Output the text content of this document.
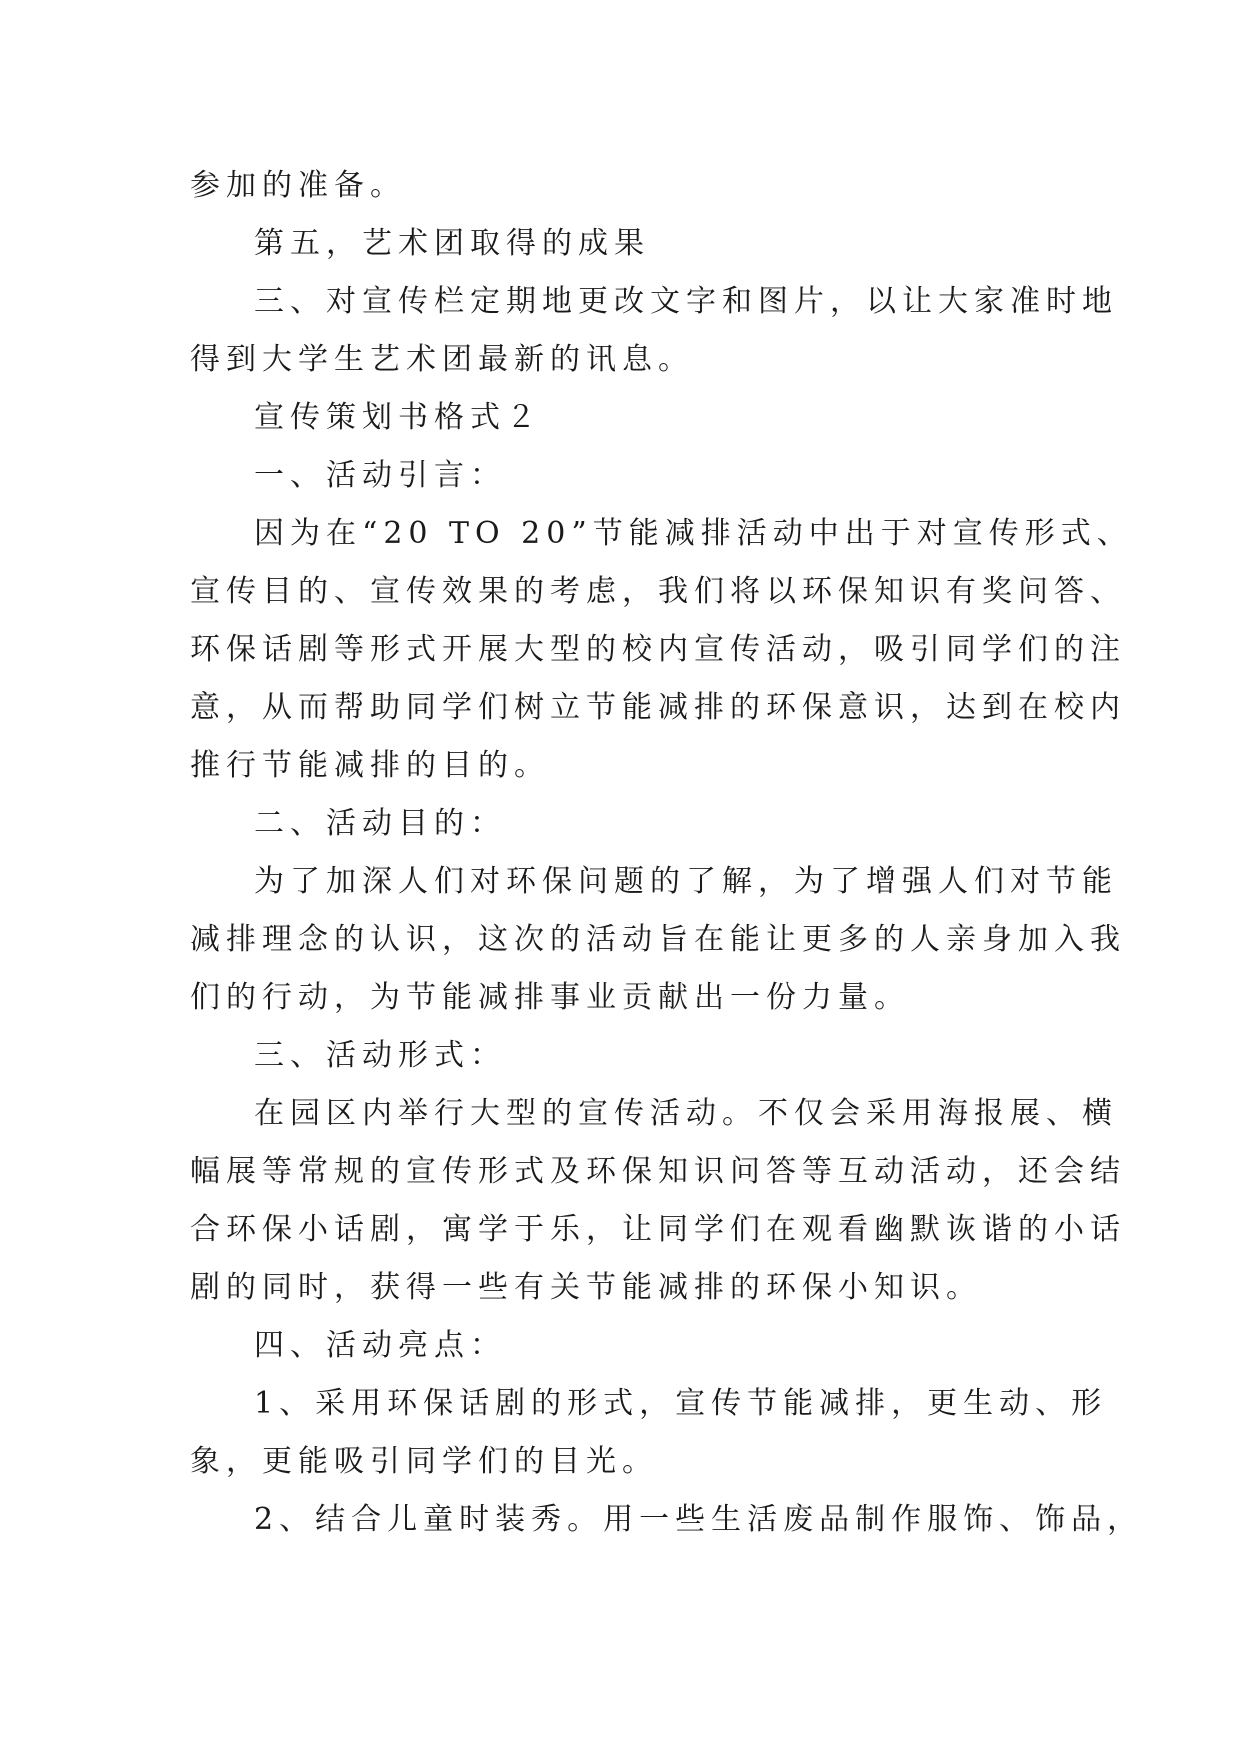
参加的准备。

第五，艺术团取得的成果

三、对宣传栏定期地更改文字和图片，以让大家准时地

得到大学生艺术团最新的讯息。

宣传策划书格式２

一、活动引言：

因为在“20 TO 20”节能减排活动中出于对宣传形式、

宣传目的、宣传效果的考虑，我们将以环保知识有奖问答、

环保话剧等形式开展大型的校内宣传活动，吸引同学们的注

意，从而帮助同学们树立节能减排的环保意识，达到在校内

推行节能减排的目的。

二、活动目的：

为了加深人们对环保问题的了解，为了增强人们对节能

减排理念的认识，这次的活动旨在能让更多的人亲身加入我

们的行动，为节能减排事业贡献出一份力量。

三、活动形式：

在园区内举行大型的宣传活动。不仅会采用海报展、横

幅展等常规的宣传形式及环保知识问答等互动活动，还会结

合环保小话剧，寓学于乐，让同学们在观看幽默诙谐的小话

剧的同时，获得一些有关节能减排的环保小知识。

四、活动亮点：

1、采用环保话剧的形式，宣传节能减排，更生动、形

象，更能吸引同学们的目光。

2、结合儿童时装秀。用一些生活废品制作服饰、饰品，
